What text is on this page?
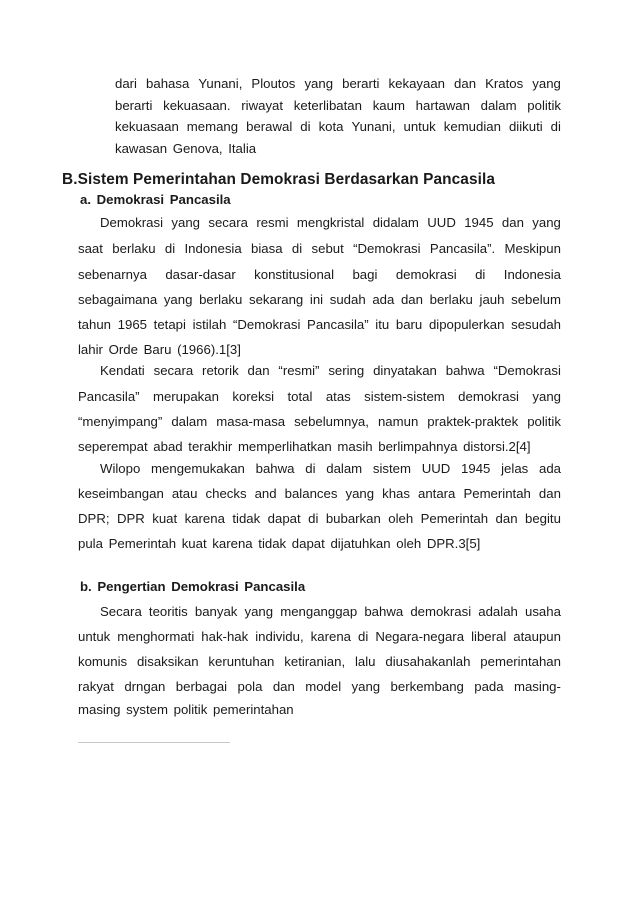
dari bahasa Yunani, Ploutos yang berarti kekayaan dan Kratos yang
berarti kekuasaan. riwayat keterlibatan kaum hartawan dalam politik
kekuasaan memang berawal di kota Yunani, untuk kemudian diikuti di
kawasan Genova, Italia
B.Sistem Pemerintahan Demokrasi Berdasarkan Pancasila
a. Demokrasi Pancasila
Demokrasi yang secara resmi mengkristal didalam UUD 1945 dan yang
saat berlaku di Indonesia biasa di sebut “Demokrasi Pancasila”. Meskipun
sebenarnya dasar-dasar konstitusional bagi demokrasi di Indonesia
sebagaimana yang berlaku sekarang ini sudah ada dan berlaku jauh sebelum
tahun 1965 tetapi istilah “Demokrasi Pancasila” itu baru dipopulerkan sesudah
lahir Orde Baru (1966).1[3]
Kendati secara retorik dan “resmi” sering dinyatakan bahwa “Demokrasi
Pancasila” merupakan koreksi total atas sistem-sistem demokrasi yang
“menyimpang” dalam masa-masa sebelumnya, namun praktek-praktek politik
seperempat abad terakhir memperlihatkan masih berlimpahnya distorsi.2[4]
Wilopo mengemukakan bahwa di dalam sistem UUD 1945 jelas ada
keseimbangan atau checks and balances yang khas antara Pemerintah dan
DPR; DPR kuat karena tidak dapat di bubarkan oleh Pemerintah dan begitu
pula Pemerintah kuat karena tidak dapat dijatuhkan oleh DPR.3[5]
b. Pengertian Demokrasi Pancasila
Secara teoritis banyak yang menganggap bahwa demokrasi adalah usaha
untuk menghormati hak-hak individu, karena di Negara-negara liberal ataupun
komunis disaksikan keruntuhan ketiranian, lalu diusahakanlah pemerintahan
rakyat drngan berbagai pola dan model yang berkembang pada masing-
masing system politik pemerintahan
